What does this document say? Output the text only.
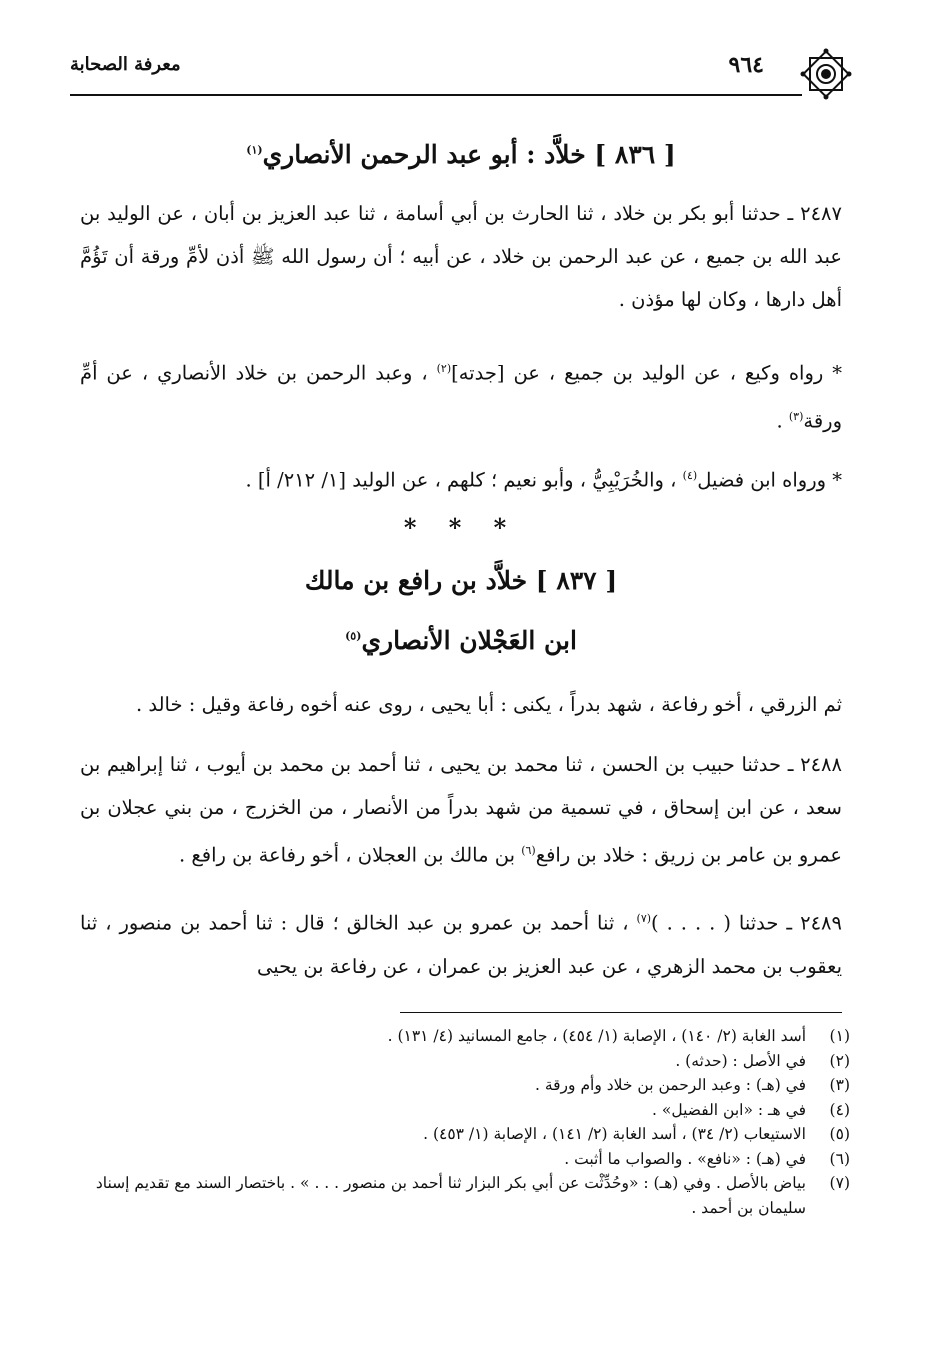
٩٦٤
معرفة الصحابة
[ ٨٣٦ ] خلاَّد : أبو عبد الرحمن الأنصاري$^{(١)}$
٢٤٨٧ ـ حدثنا أبو بكر بن خلاد ، ثنا الحارث بن أبي أسامة ، ثنا عبد العزيز بن أبان ، عن الوليد بن عبد الله بن جميع ، عن عبد الرحمن بن خلاد ، عن أبيه ؛ أن رسول الله ﷺ أذن لأمِّ ورقة أن تَؤُمَّ أهل دارها ، وكان لها مؤذن .
* رواه وكيع ، عن الوليد بن جميع ، عن [جدته]$^{(٢)}$ ، وعبد الرحمن بن خلاد الأنصاري ، عن أمِّ ورقة$^{(٣)}$ .
* ورواه ابن فضيل$^{(٤)}$ ، والخُرَيْبِيُّ ، وأبو نعيم ؛ كلهم ، عن الوليد [١/ ٢١٢/ أ] .
* * *
[ ٨٣٧ ] خلاَّد بن رافع بن مالك
ابن العَجْلان الأنصاري$^{(٥)}$
ثم الزرقي ، أخو رفاعة ، شهد بدراً ، يكنى : أبا يحيى ، روى عنه أخوه رفاعة وقيل : خالد .
٢٤٨٨ ـ حدثنا حبيب بن الحسن ، ثنا محمد بن يحيى ، ثنا أحمد بن محمد بن أيوب ، ثنا إبراهيم بن سعد ، عن ابن إسحاق ، في تسمية من شهد بدراً من الأنصار ، من الخزرج ، من بني عجلان بن عمرو بن عامر بن زريق : خلاد بن رافع$^{(٦)}$ بن مالك بن العجلان ، أخو رفاعة بن رافع .
٢٤٨٩ ـ حدثنا ( . . . . )$^{(٧)}$ ، ثنا أحمد بن عمرو بن عبد الخالق ؛ قال : ثنا أحمد بن منصور ، ثنا يعقوب بن محمد الزهري ، عن عبد العزيز بن عمران ، عن رفاعة بن يحيى
(١)
أسد الغابة (٢/ ١٤٠) ، الإصابة (١/ ٤٥٤) ، جامع المسانيد (٤/ ١٣١) .
(٢)
في الأصل : (حدثه) .
(٣)
في (هـ) : وعبد الرحمن بن خلاد وأم ورقة .
(٤)
في هـ : «ابن الفضيل» .
(٥)
الاستيعاب (٢/ ٣٤) ، أسد الغابة (٢/ ١٤١) ، الإصابة (١/ ٤٥٣) .
(٦)
في (هـ) : «نافع» . والصواب ما أثبت .
(٧)
بياض بالأصل . وفي (هـ) : «وحُدِّثْت عن أبي بكر البزار ثنا أحمد بن منصور . . . » . باختصار السند مع تقديم إسناد سليمان بن أحمد .
